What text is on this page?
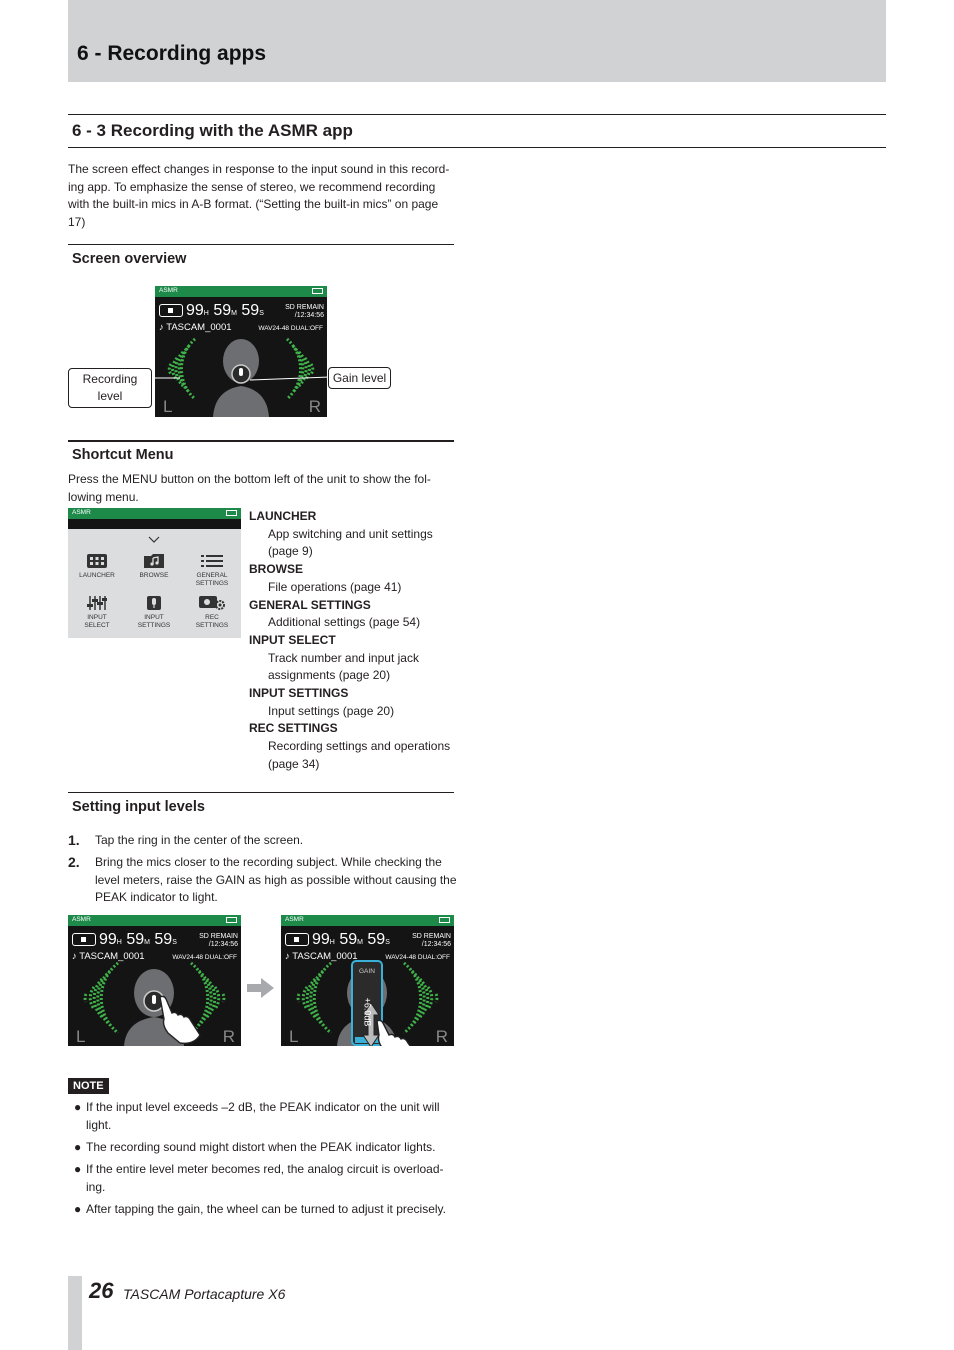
6 - Recording apps
6 - 3 Recording with the ASMR app
The screen effect changes in response to the input sound in this record-
ing app. To emphasize the sense of stereo, we recommend recording
with the built-in mics in A-B format. (“Setting the built-in mics” on page
17)
Screen overview
ASMR
99H 59M 59S
SD REMAIN
/12:34:56
♪ TASCAM_0001	WAV24-48 DUAL:OFF
L	R
Recording
level
Gain level
Shortcut Menu
Press the MENU button on the bottom left of the unit to show the fol-
lowing menu.
ASMR
LAUNCHER	BROWSE	GENERAL
SETTINGS
INPUT
SELECT
INPUT
SETTINGS
REC
SETTINGS
LAUNCHER
App switching and unit settings
(page 9)
BROWSE
File operations (page 41)
GENERAL SETTINGS
Additional settings (page 54)
INPUT SELECT
Track number and input jack
assignments (page 20)
INPUT SETTINGS
Input settings (page 20)
REC SETTINGS
Recording settings and operations
(page 34)
Setting input levels
1. Tap the ring in the center of the screen.
2. Bring the mics closer to the recording subject. While checking the
level meters, raise the GAIN as high as possible without causing the
PEAK indicator to light.
ASMR
99H 59M 59S
SD REMAIN
/12:34:56
♪ TASCAM_0001	WAV24-48 DUAL:OFF
L	R
ASMR
GAIN
+6.0dB
99H 59M 59S
SD REMAIN
/12:34:56
♪ TASCAM_0001	WAV24-48 DUAL:OFF
L	R
NOTE
● If the input level exceeds –2 dB, the PEAK indicator on the unit will
light.
● The recording sound might distort when the PEAK indicator lights.
● If the entire level meter becomes red, the analog circuit is overload-
ing.
● After tapping the gain, the wheel can be turned to adjust it precisely.
26 TASCAM Portacapture X6
